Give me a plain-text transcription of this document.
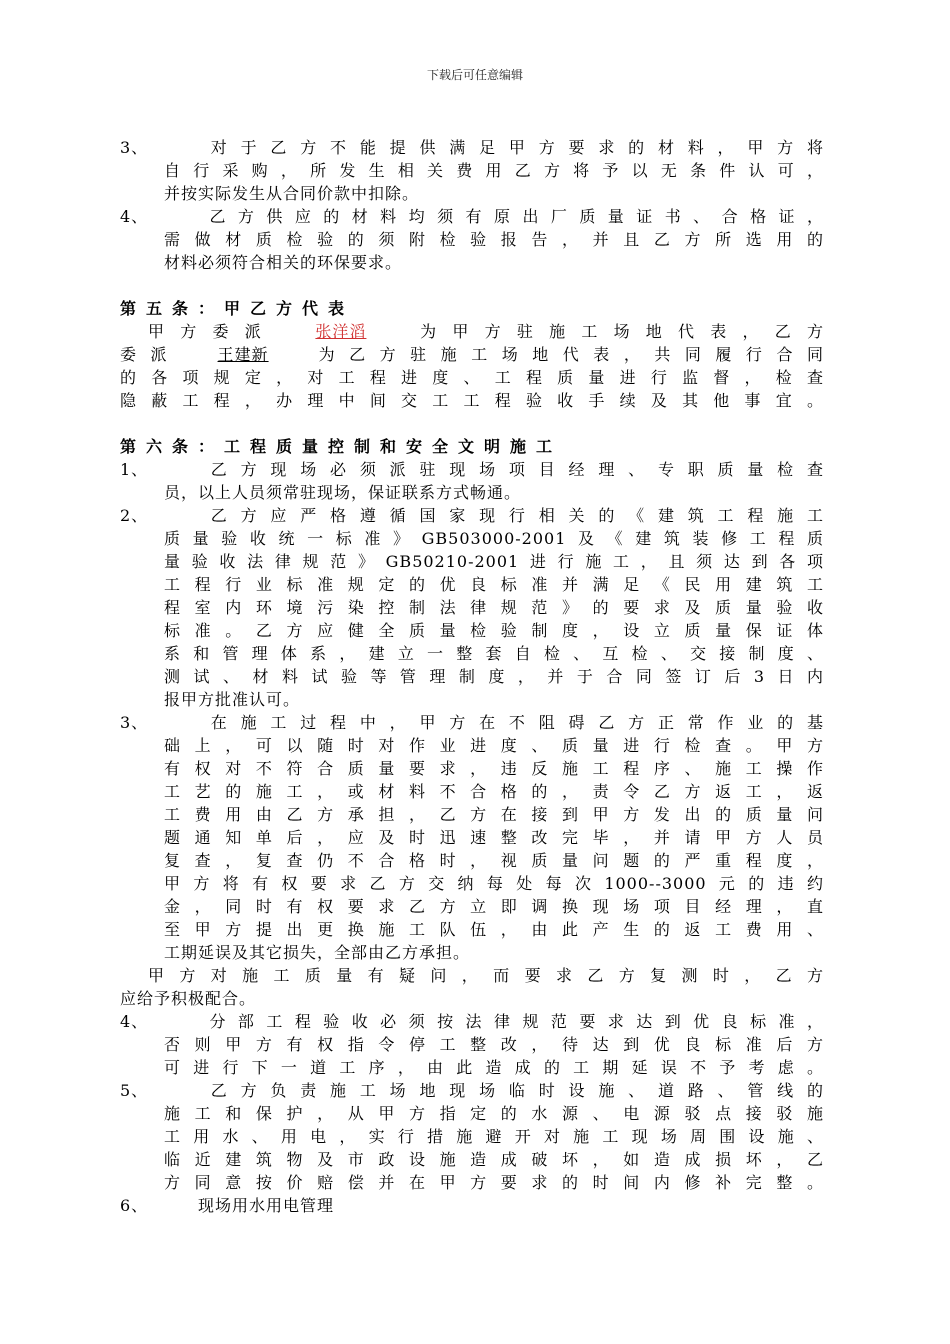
下载后可任意编辑
3、	对于乙方不能提供满足甲方要求的材料，甲方将
自行采购，所发生相关费用乙方将予以无条件认可，
并按实际发生从合同价款中扣除。
4、	乙方供应的材料均须有原出厂质量证书、合格证，
需做材质检验的须附检验报告，并且乙方所选用的
材料必须符合相关的环保要求。
第五条：甲乙方代表
甲方委派 张洋滔 为甲方驻施工场地代表，乙方
委派 王建新 为乙方驻施工场地代表，共同履行合同
的各项规定，对工程进度、工程质量进行监督，检查
隐蔽工程，办理中间交工工程验收手续及其他事宜。
第六条：工程质量控制和安全文明施工
1、	乙方现场必须派驻现场项目经理、专职质量检查
员，以上人员须常驻现场，保证联系方式畅通。
2、	乙方应严格遵循国家现行相关的《建筑工程施工
质量验收统一标准》GB503000-2001及《建筑装修工程质
量验收法律规范》GB50210-2001进行施工，且须达到各项
工程行业标准规定的优良标准并满足《民用建筑工
程室内环境污染控制法律规范》的要求及质量验收
标准。乙方应健全质量检验制度，设立质量保证体
系和管理体系，建立一整套自检、互检、交接制度、
测试、材料试验等管理制度，并于合同签订后3日内
报甲方批准认可。
3、	在施工过程中，甲方在不阻碍乙方正常作业的基
础上，可以随时对作业进度、质量进行检查。甲方
有权对不符合质量要求，违反施工程序、施工操作
工艺的施工，或材料不合格的，责令乙方返工，返
工费用由乙方承担，乙方在接到甲方发出的质量问
题通知单后，应及时迅速整改完毕，并请甲方人员
复查，复查仍不合格时，视质量问题的严重程度，
甲方将有权要求乙方交纳每处每次1000--3000元的违约
金，同时有权要求乙方立即调换现场项目经理，直
至甲方提出更换施工队伍，由此产生的返工费用、
工期延误及其它损失，全部由乙方承担。
甲方对施工质量有疑问，而要求乙方复测时，乙方
应给予积极配合。
4、	分部工程验收必须按法律规范要求达到优良标准，
否则甲方有权指令停工整改，待达到优良标准后方
可进行下一道工序，由此造成的工期延误不予考虑。
5、	乙方负责施工场地现场临时设施、道路、管线的
施工和保护，从甲方指定的水源、电源驳点接驳施
工用水、用电，实行措施避开对施工现场周围设施、
临近建筑物及市政设施造成破坏，如造成损坏，乙
方同意按价赔偿并在甲方要求的时间内修补完整。
6、	现场用水用电管理
